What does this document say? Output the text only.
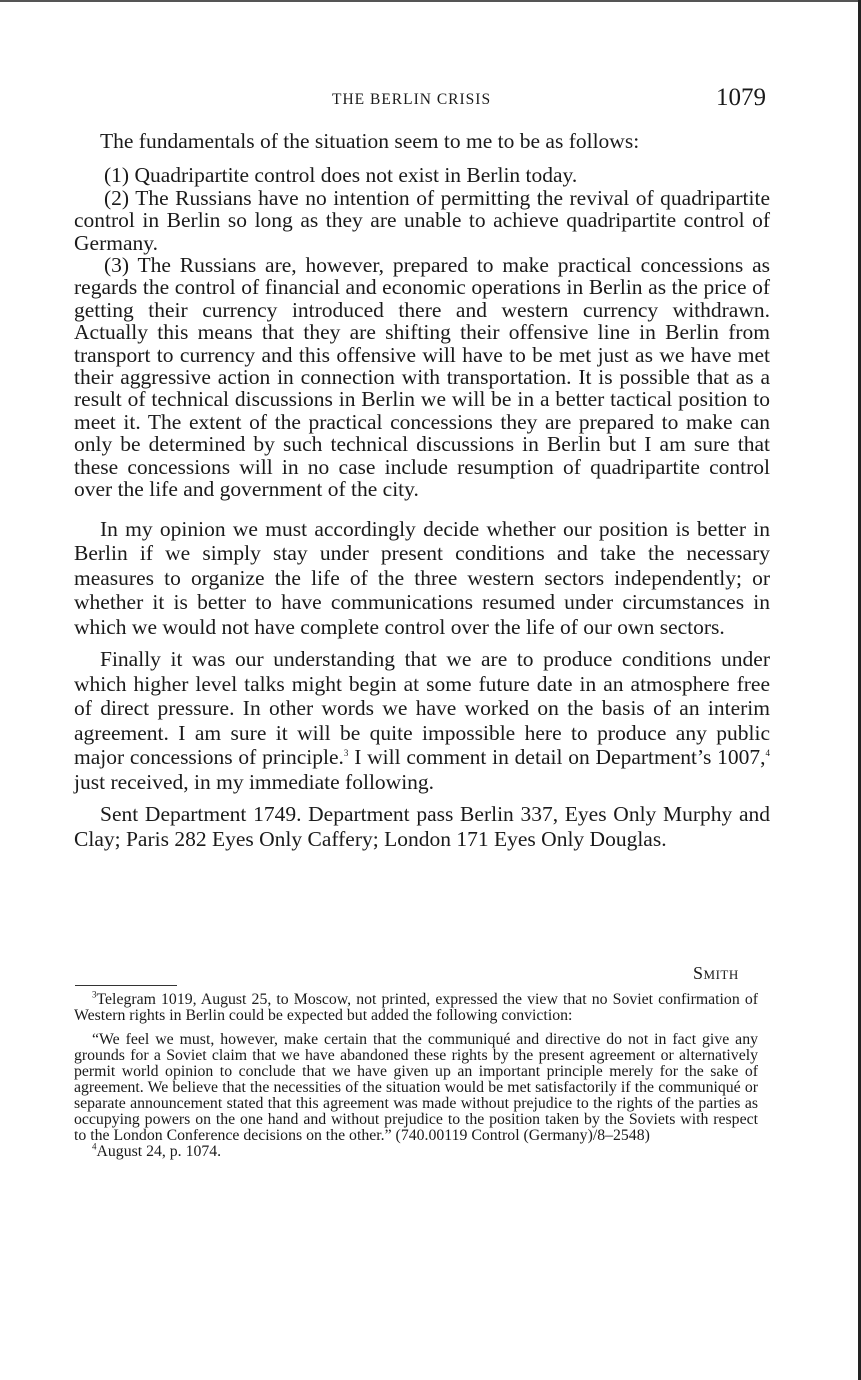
THE BERLIN CRISIS	1079

The fundamentals of the situation seem to me to be as follows:

(1) Quadripartite control does not exist in Berlin today.

(2) The Russians have no intention of permitting the revival of quadripartite control in Berlin so long as they are unable to achieve quadripartite control of Germany.

(3) The Russians are, however, prepared to make practical concessions as regards the control of financial and economic operations in Berlin as the price of getting their currency introduced there and western currency withdrawn. Actually this means that they are shifting their offensive line in Berlin from transport to currency and this offensive will have to be met just as we have met their aggressive action in connection with transportation. It is possible that as a result of technical discussions in Berlin we will be in a better tactical position to meet it. The extent of the practical concessions they are prepared to make can only be determined by such technical discussions in Berlin but I am sure that these concessions will in no case include resumption of quadripartite control over the life and government of the city.

In my opinion we must accordingly decide whether our position is better in Berlin if we simply stay under present conditions and take the necessary measures to organize the life of the three western sectors independently; or whether it is better to have communications resumed under circumstances in which we would not have complete control over the life of our own sectors.

Finally it was our understanding that we are to produce conditions under which higher level talks might begin at some future date in an atmosphere free of direct pressure. In other words we have worked on the basis of an interim agreement. I am sure it will be quite impossible here to produce any public major concessions of principle.$^3$ I will comment in detail on Department’s 1007,$^4$ just received, in my immediate following.

Sent Department 1749. Department pass Berlin 337, Eyes Only Murphy and Clay; Paris 282 Eyes Only Caffery; London 171 Eyes Only Douglas.

Smith

$^3$Telegram 1019, August 25, to Moscow, not printed, expressed the view that no Soviet confirmation of Western rights in Berlin could be expected but added the following conviction:

“We feel we must, however, make certain that the communiqué and directive do not in fact give any grounds for a Soviet claim that we have abandoned these rights by the present agreement or alternatively permit world opinion to conclude that we have given up an important principle merely for the sake of agreement. We believe that the necessities of the situation would be met satisfactorily if the communiqué or separate announcement stated that this agreement was made without prejudice to the rights of the parties as occupying powers on the one hand and without prejudice to the position taken by the Soviets with respect to the London Conference decisions on the other.” (740.00119 Control (Germany)/8–2548)

$^4$August 24, p. 1074.
